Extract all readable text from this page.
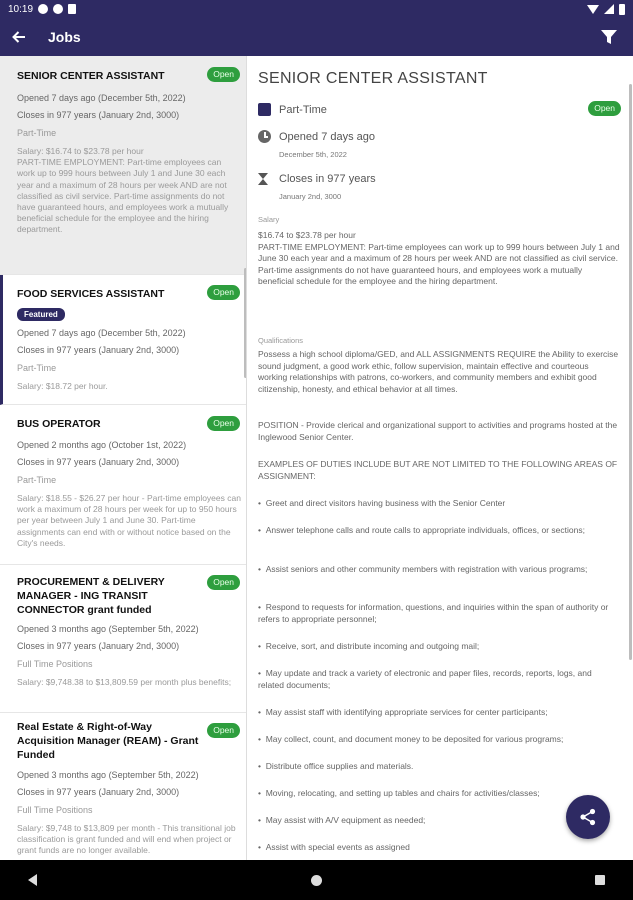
10:19
Jobs
SENIOR CENTER ASSISTANT	Open
Opened 7 days ago (December 5th, 2022)
Closes in 977 years (January 2nd, 3000)
Part-Time
Salary: $16.74 to $23.78 per hour
PART-TIME EMPLOYMENT: Part-time employees can work up to 999 hours between July 1 and June 30 each year and a maximum of 28 hours per week AND are not classified as civil service. Part-time assignments do not have guaranteed hours, and employees work a mutually beneficial schedule for the employee and the hiring department.
FOOD SERVICES ASSISTANT	Open
Featured
Opened 7 days ago (December 5th, 2022)
Closes in 977 years (January 2nd, 3000)
Part-Time
Salary: $18.72 per hour.
BUS OPERATOR	Open
Opened 2 months ago (October 1st, 2022)
Closes in 977 years (January 2nd, 3000)
Part-Time
Salary: $18.55 - $26.27 per hour - Part-time employees can work a maximum of 28 hours per week for up to 950 hours per year between July 1 and June 30. Part-time assignments can end with or without notice based on the City's needs.
PROCUREMENT & DELIVERY MANAGER - ING TRANSIT CONNECTOR grant funded
Open
Opened 3 months ago (September 5th, 2022)
Closes in 977 years (January 2nd, 3000)
Full Time Positions
Salary: $9,748.38 to $13,809.59 per month plus benefits;
Real Estate & Right-of-Way Acquisition Manager (REAM) - Grant Funded
Open
Opened 3 months ago (September 5th, 2022)
Closes in 977 years (January 2nd, 3000)
Full Time Positions
Salary: $9,748 to $13,809 per month - This transitional job classification is grant funded and will end when project or grant funds are no longer available.
SENIOR CENTER ASSISTANT
Part-Time	Open
Opened 7 days ago
December 5th, 2022
Closes in 977 years
January 2nd, 3000
Salary
$16.74 to $23.78 per hour
PART-TIME EMPLOYMENT: Part-time employees can work up to 999 hours between July 1 and June 30 each year and a maximum of 28 hours per week AND are not classified as civil service. Part-time assignments do not have guaranteed hours, and employees work a mutually beneficial schedule for the employee and the hiring department.
Qualifications
Possess a high school diploma/GED, and ALL ASSIGNMENTS REQUIRE the Ability to exercise sound judgment, a good work ethic, follow supervision, maintain effective and courteous working relationships with patrons, co-workers, and community members and exhibit good citizenship, honesty, and ethical behavior at all times.
POSITION - Provide clerical and organizational support to activities and programs hosted at the Inglewood Senior Center.
EXAMPLES OF DUTIES INCLUDE BUT ARE NOT LIMITED TO THE FOLLOWING AREAS OF ASSIGNMENT:
•  Greet and direct visitors having business with the Senior Center
•  Answer telephone calls and route calls to appropriate individuals, offices, or sections;
•  Assist seniors and other community members with registration with various programs;
•  Respond to requests for information, questions, and inquiries within the span of authority or refers to appropriate personnel;
•  Receive, sort, and distribute incoming and outgoing mail;
•  May update and track a variety of electronic and paper files, records, reports, logs, and related documents;
•  May assist staff with identifying appropriate services for center participants;
•  May collect, count, and document money to be deposited for various programs;
•  Distribute office supplies and materials.
•  Moving, relocating, and setting up tables and chairs for activities/classes;
•  May assist with A/V equipment as needed;
•  Assist with special events as assigned
